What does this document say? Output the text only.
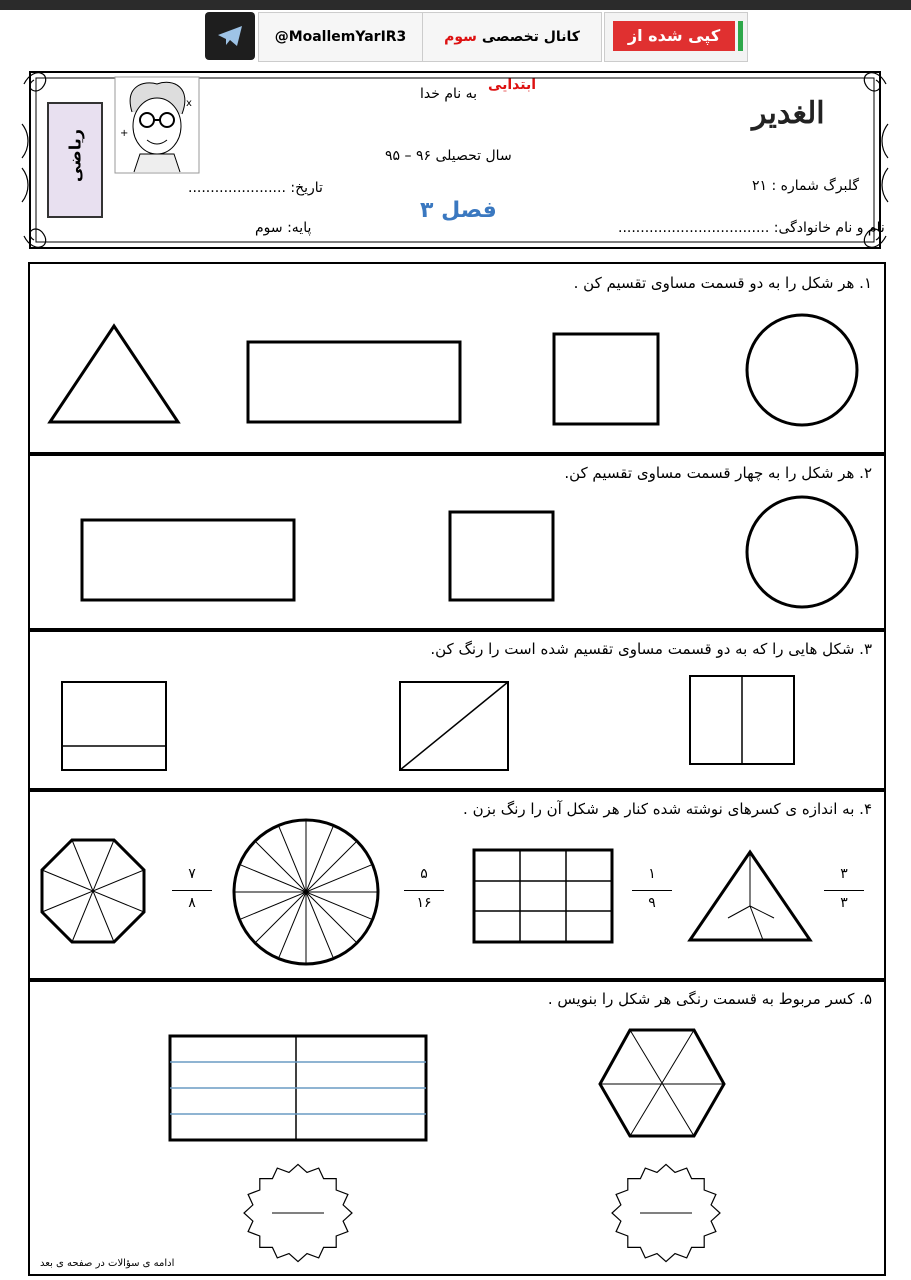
@MoallemYarIR3	کانال تخصصی سوم ابتدایی
کپی شده از
ریاضی	+
x
به نام خدا
سال تحصیلی ۹۶ – ۹۵
تاریخ: ......................
پایه: سوم
فصل ۳
الغدیر
گلبرگ شماره : ۲۱
نام و نام خانوادگی: ..................................
۱. هر شکل را به دو قسمت مساوی تقسیم کن .
۲. هر شکل را به چهار قسمت مساوی تقسیم کن.
۳. شکل هایی را که به دو قسمت مساوی تقسیم شده است را رنگ کن.
۴. به اندازه ی کسرهای نوشته شده کنار هر شکل آن را رنگ بزن .
۷
۸
۵
۱۶
۱
۹
۳
۳
۵. کسر مربوط به قسمت رنگی هر شکل را بنویس .
ادامه ی سؤالات در صفحه ی بعد
